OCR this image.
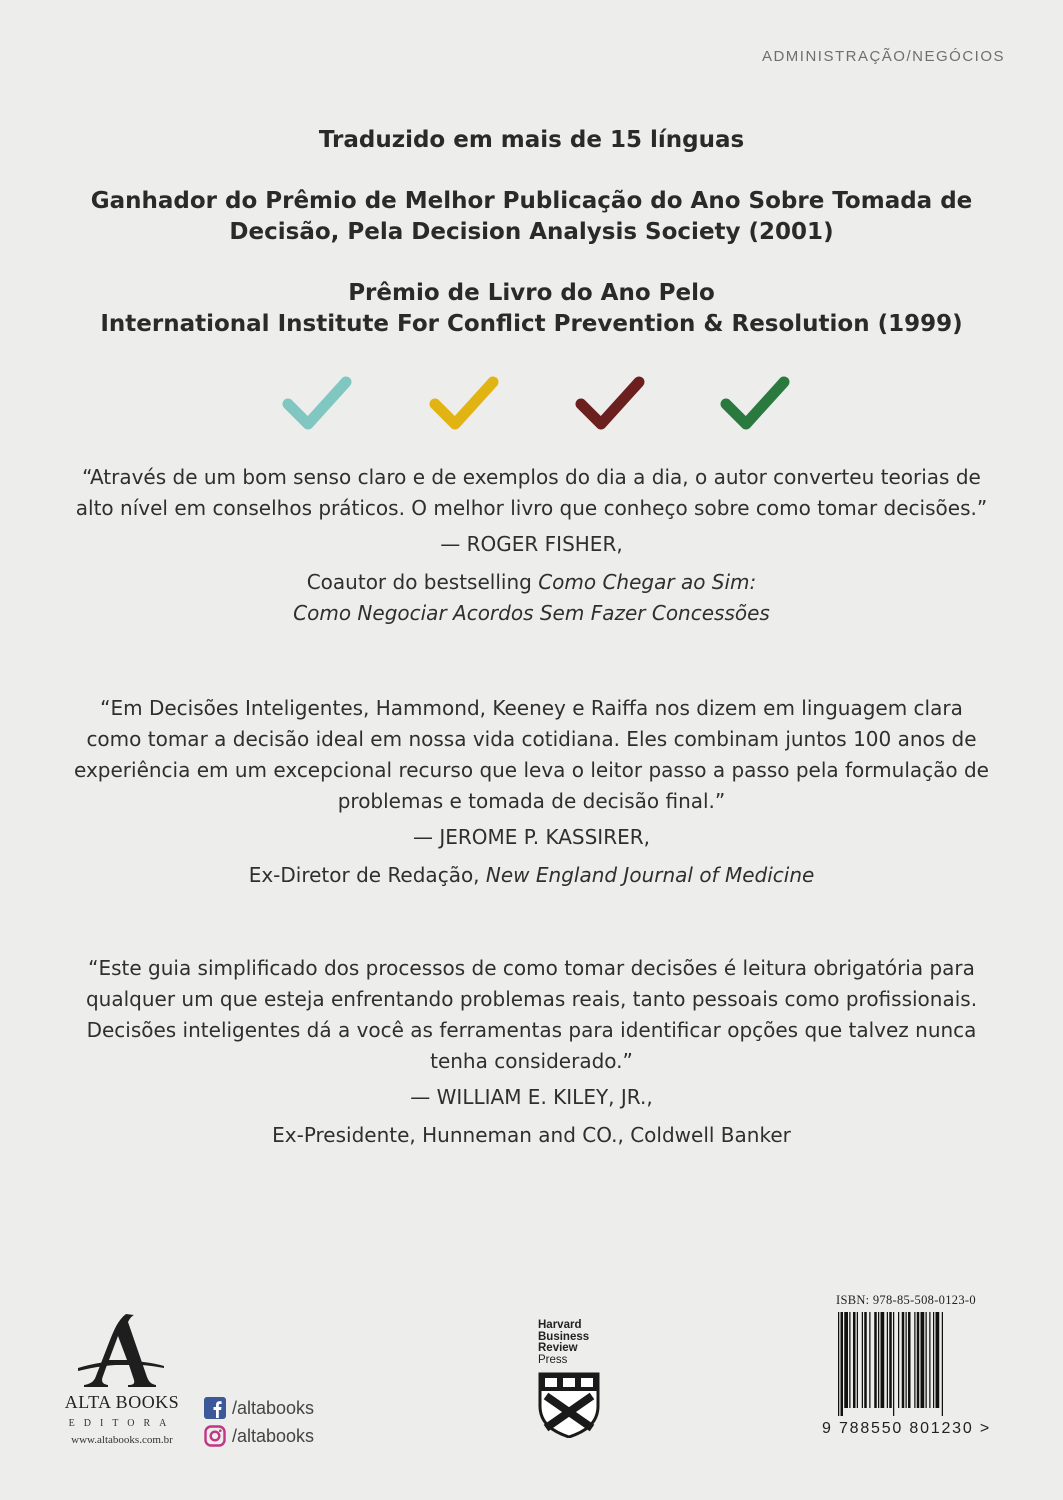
ADMINISTRAÇÃO/NEGÓCIOS
Traduzido em mais de 15 línguas
Ganhador do Prêmio de Melhor Publicação do Ano Sobre Tomada de
Decisão, Pela Decision Analysis Society (2001)
Prêmio de Livro do Ano Pelo
International Institute For Conflict Prevention & Resolution (1999)

“Através de um bom senso claro e de exemplos do dia a dia, o autor converteu teorias de

alto nível em conselhos práticos. O melhor livro que conheço sobre como tomar decisões.”

— ROGER FISHER,

Coautor do bestselling Como Chegar ao Sim:

Como Negociar Acordos Sem Fazer Concessões

“Em Decisões Inteligentes, Hammond, Keeney e Raiffa nos dizem em linguagem clara

como tomar a decisão ideal em nossa vida cotidiana. Eles combinam juntos 100 anos de

experiência em um excepcional recurso que leva o leitor passo a passo pela formulação de

problemas e tomada de decisão final.”

— JEROME P. KASSIRER,

Ex-Diretor de Redação, New England Journal of Medicine

“Este guia simplificado dos processos de como tomar decisões é leitura obrigatória para

qualquer um que esteja enfrentando problemas reais, tanto pessoais como profissionais.

Decisões inteligentes dá a você as ferramentas para identificar opções que talvez nunca

tenha considerado.”

— WILLIAM E. KILEY, JR.,

Ex-Presidente, Hunneman and CO., Coldwell Banker

ALTA BOOKS
EDITORA
www.altabooks.com.br
/altabooks
/altabooks
Harvard
Business
Review
Press
ISBN: 978-85-508-0123-0
9 788550 801230 >
